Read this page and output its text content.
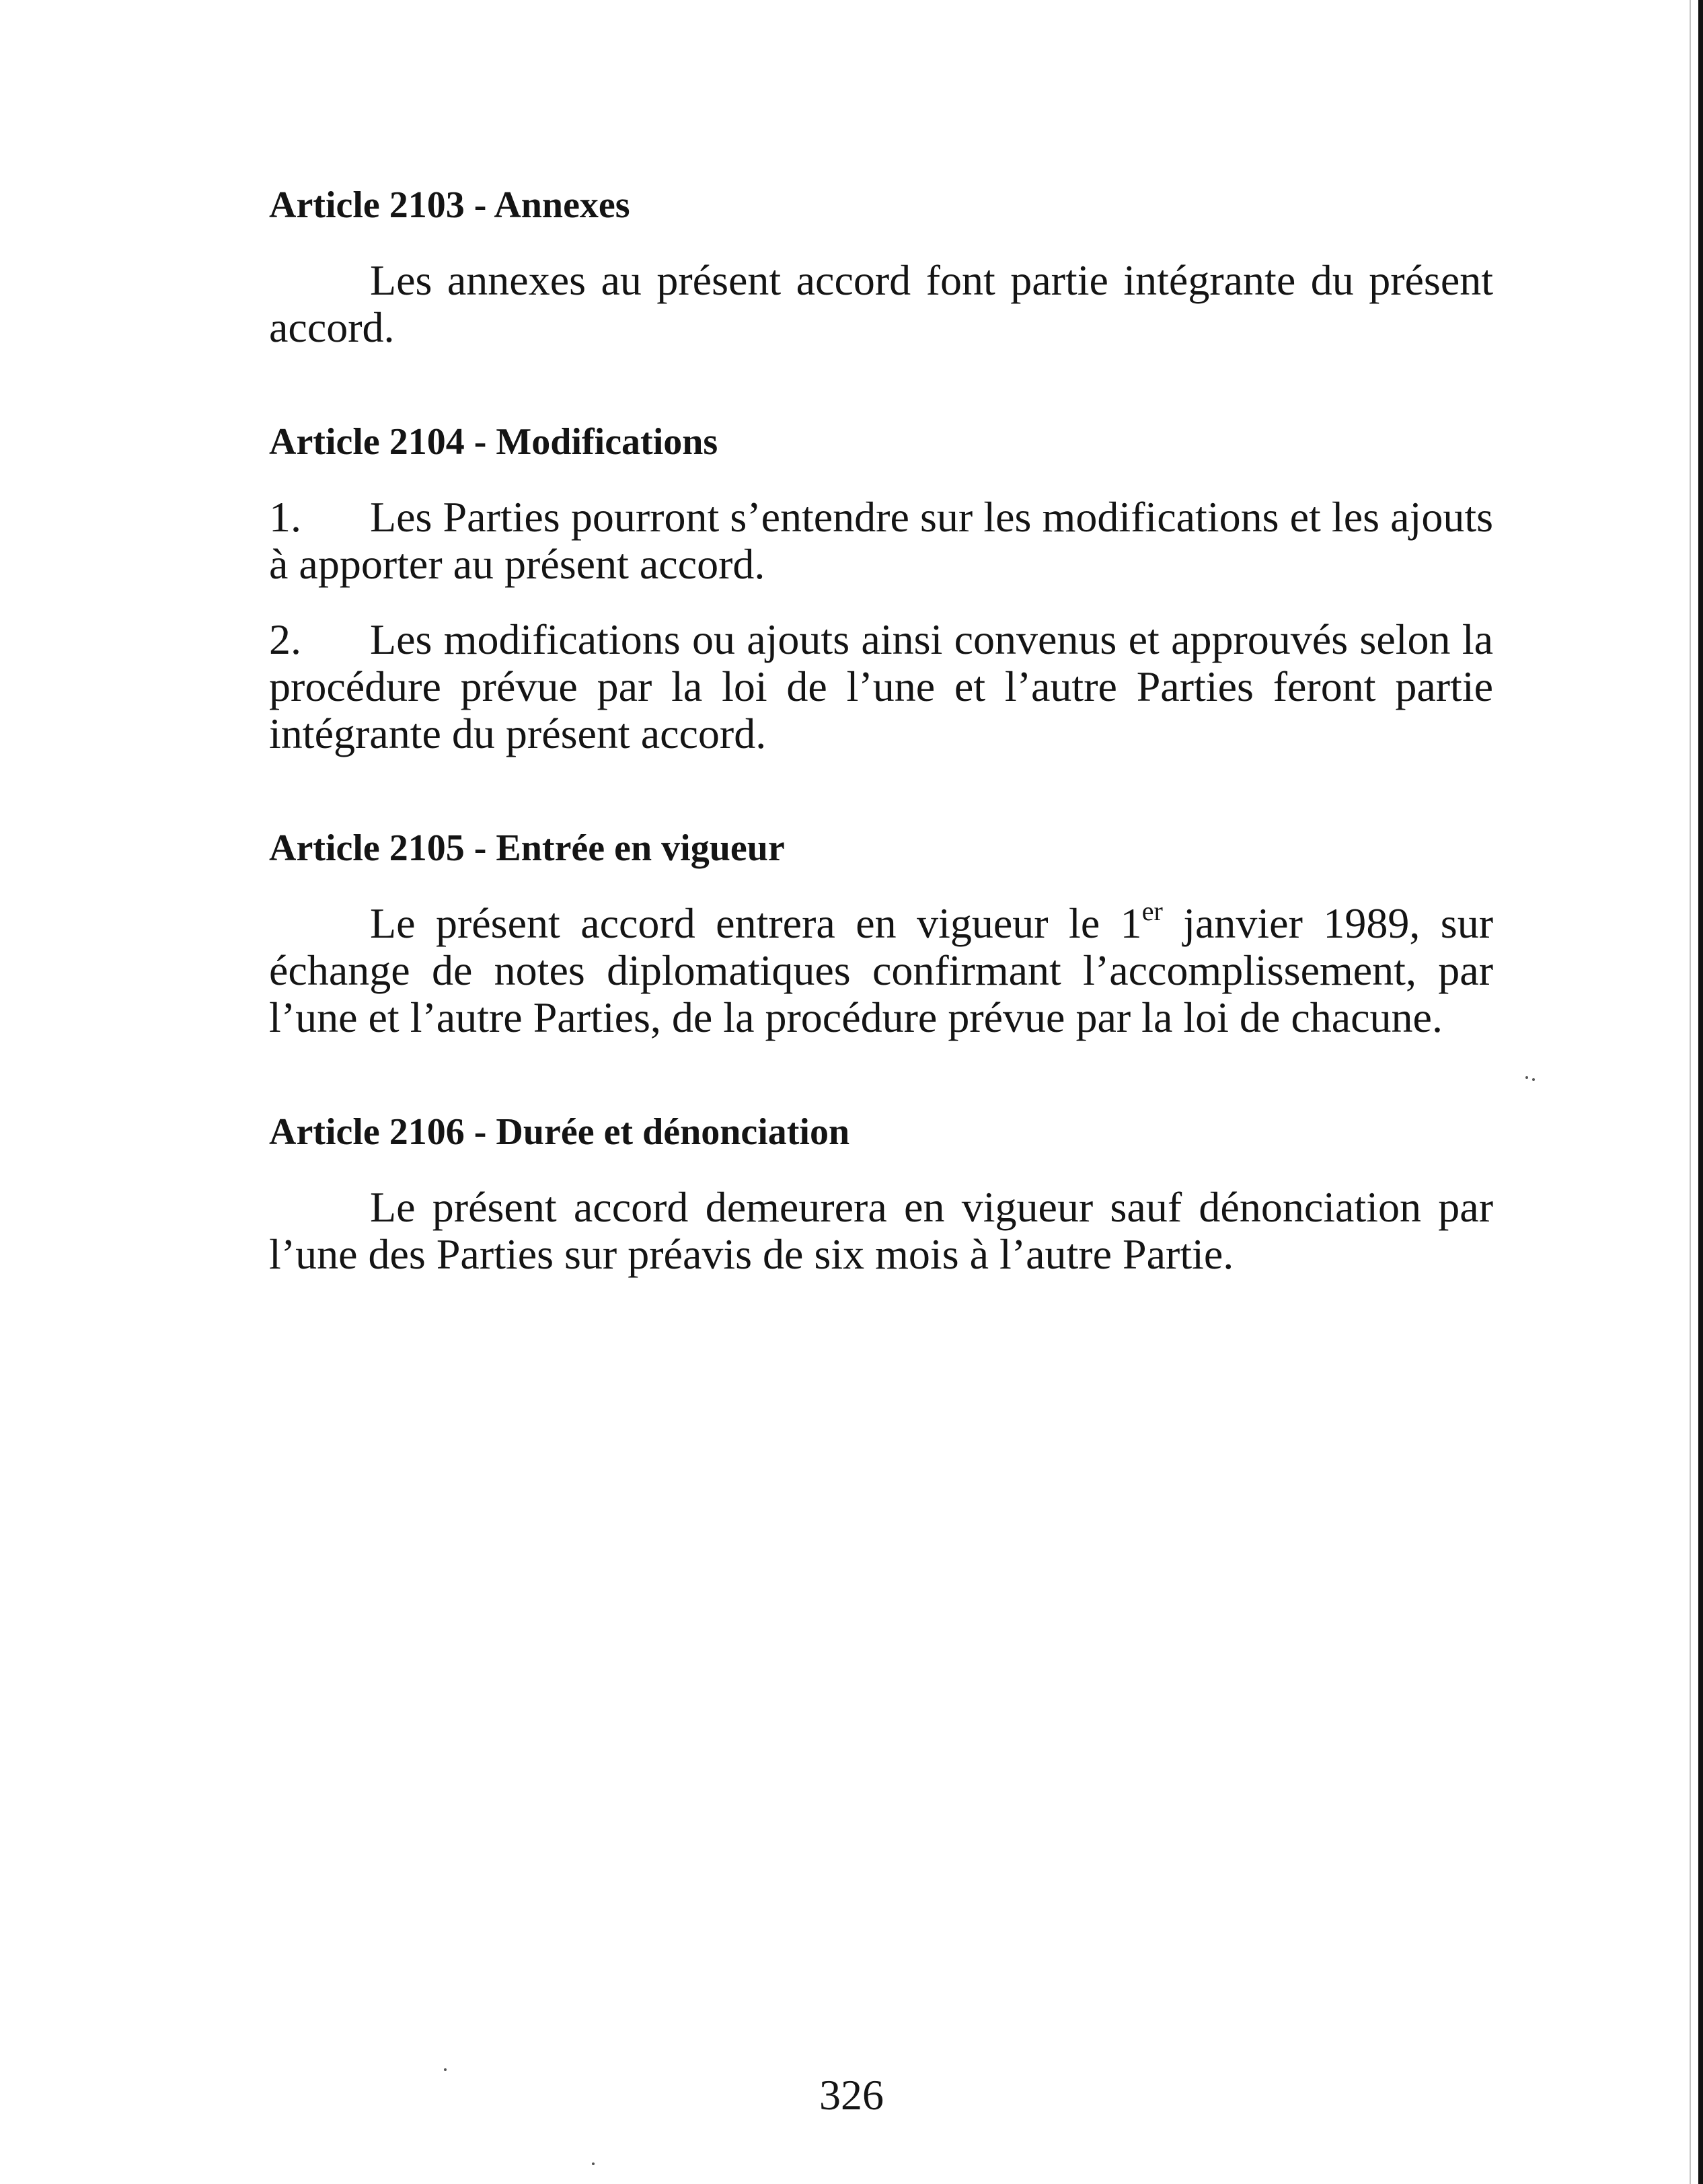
Article 2103 - Annexes

Les annexes au présent accord font partie intégrante du présent accord.

Article 2104 - Modifications

1. Les Parties pourront s’entendre sur les modifications et les ajouts à apporter au présent accord.

2. Les modifications ou ajouts ainsi convenus et approuvés selon la procédure prévue par la loi de l’une et l’autre Parties feront partie intégrante du présent accord.

Article 2105 - Entrée en vigueur

Le présent accord entrera en vigueur le 1er janvier 1989, sur échange de notes diplomatiques confirmant l’accomplissement, par l’une et l’autre Parties, de la procédure prévue par la loi de chacune.

Article 2106 - Durée et dénonciation

Le présent accord demeurera en vigueur sauf dénonciation par l’une des Parties sur préavis de six mois à l’autre Partie.

326
